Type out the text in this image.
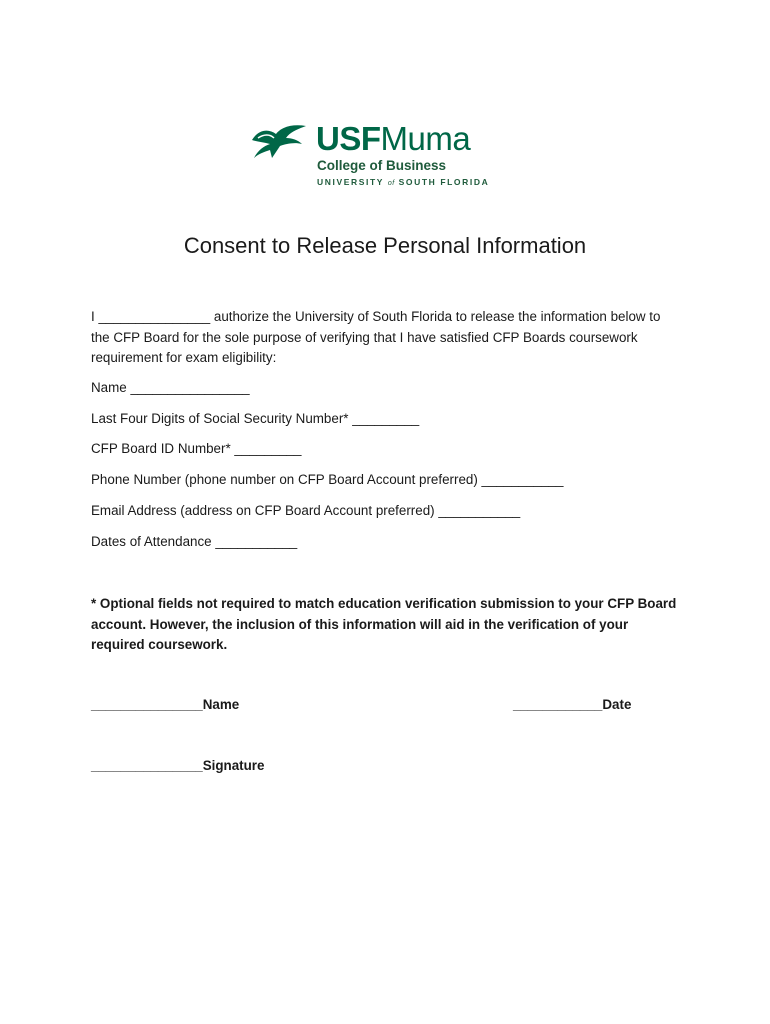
USFMuma
College of Business
UNIVERSITY of SOUTH FLORIDA
Consent to Release Personal Information
I _______________ authorize the University of South Florida to release the information below to the CFP Board for the sole purpose of verifying that I have satisfied CFP Boards coursework requirement for exam eligibility:
Name ________________
Last Four Digits of Social Security Number* _________
CFP Board ID Number* _________
Phone Number (phone number on CFP Board Account preferred) ___________
Email Address (address on CFP Board Account preferred) ___________
Dates of Attendance ___________
* Optional fields not required to match education verification submission to your CFP Board account. However, the inclusion of this information will aid in the verification of your required coursework.
_______________Name	____________Date
_______________Signature
